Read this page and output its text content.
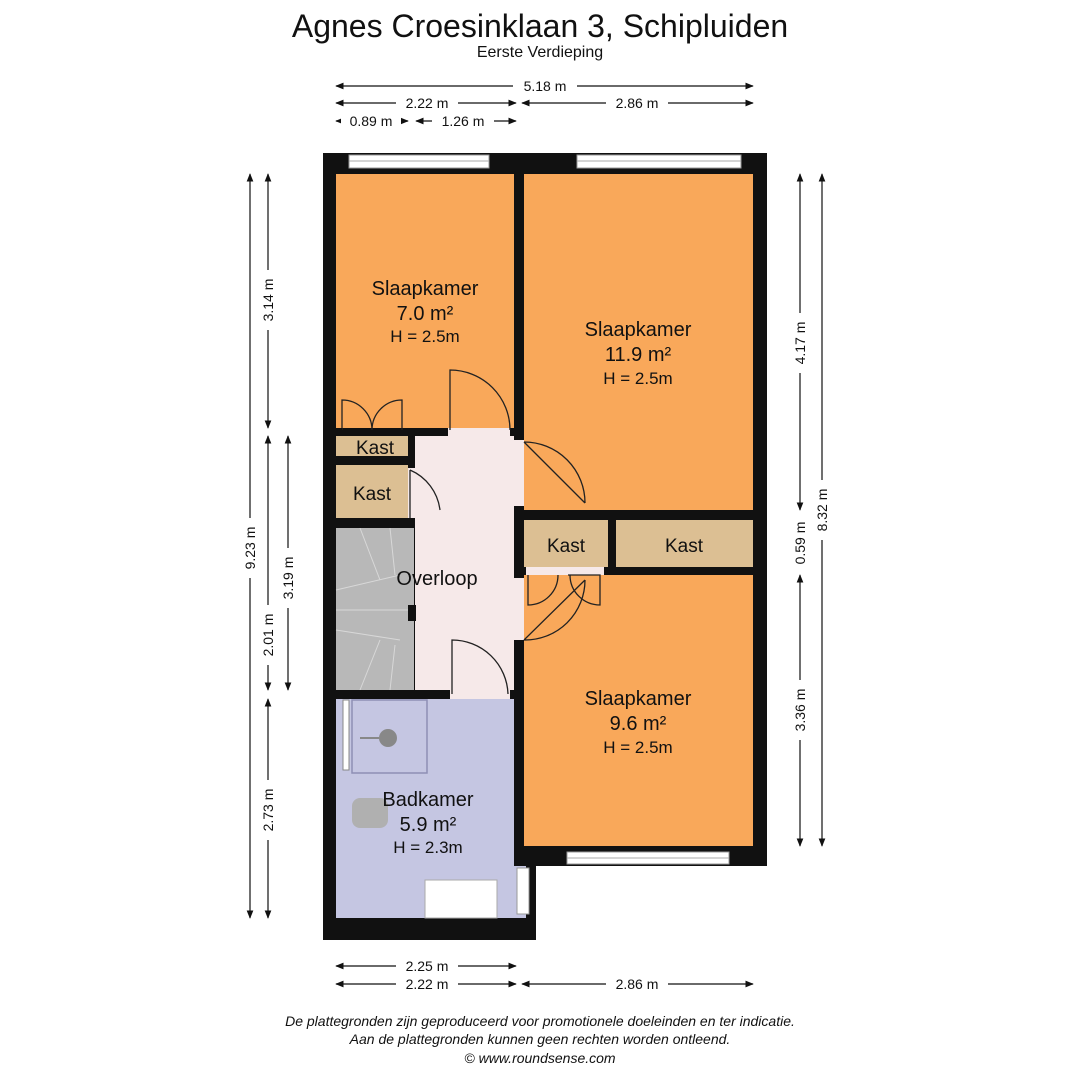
Agnes Croesinklaan 3, Schipluiden
Eerste Verdieping
Slaapkamer
7.0 m²
H = 2.5m	Slaapkamer
11.9 m²
H = 2.5m
Slaapkamer
9.6 m²
H = 2.5m
Badkamer
5.9 m²
H = 2.3m
Overloop
Kast
Kast
Kast	Kast
5.18 m
2.22 m	2.86 m
0.89 m	1.26 m
2.25 m
2.22 m	2.86 m
9.23 m
3.14 m
2.01 m
2.73 m
3.19 m
4.17 m
0.59 m
3.36 m
8.32 m
De plattegronden zijn geproduceerd voor promotionele doeleinden en ter indicatie.
Aan de plattegronden kunnen geen rechten worden ontleend.
© www.roundsense.com
